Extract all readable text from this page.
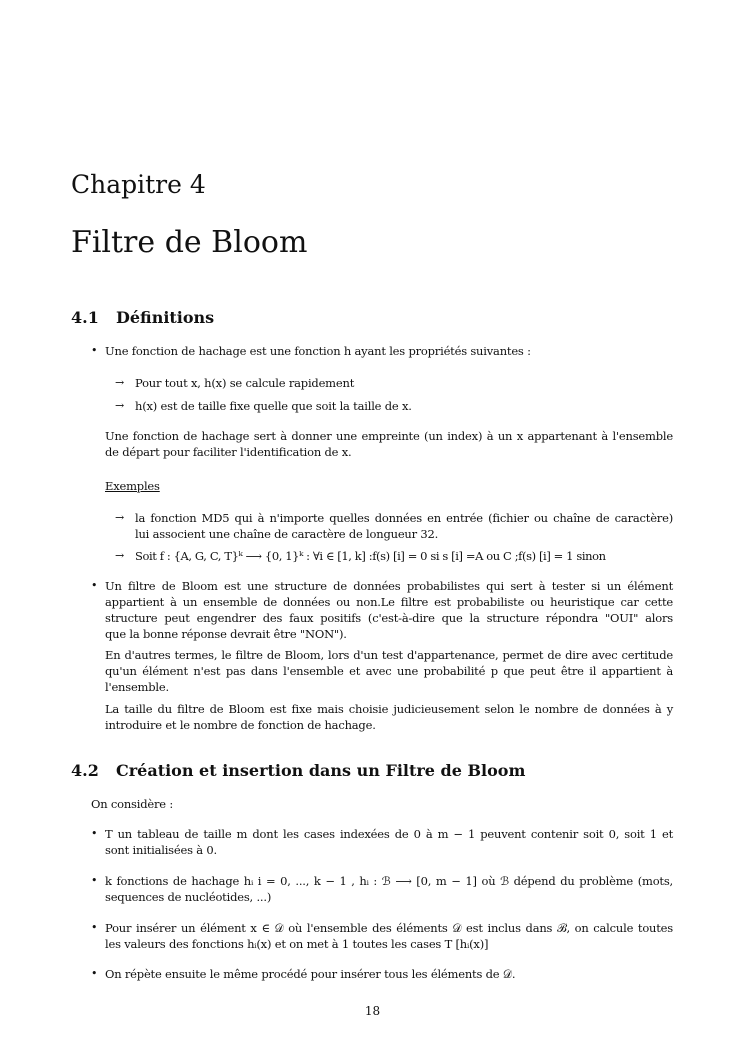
Chapitre 4
Filtre de Bloom
4.1 Définitions
• Une fonction de hachage est une fonction h ayant les propriétés suivantes :
→ Pour tout x, h(x) se calcule rapidement
→ h(x) est de taille fixe quelle que soit la taille de x.
Une fonction de hachage sert à donner une empreinte (un index) à un x appartenant à l'ensemble
de départ pour faciliter l'identification de x.
Exemples
→ la fonction MD5 qui à n'importe quelles données en entrée (fichier ou chaîne de caractère)
lui associent une chaîne de caractère de longueur 32.
→ Soit f : {A, G, C, T}ᵏ ⟶ {0, 1}ᵏ : ∀i ∈ [1, k] :f(s) [i] = 0 si s [i] =A ou C ;f(s) [i] = 1 sinon
• Un filtre de Bloom est une structure de données probabilistes qui sert à tester si un élément
appartient à un ensemble de données ou non.Le filtre est probabiliste ou heuristique car cette
structure peut engendrer des faux positifs (c'est-à-dire que la structure répondra "OUI" alors
que la bonne réponse devrait être "NON").
En d'autres termes, le filtre de Bloom, lors d'un test d'appartenance, permet de dire avec certitude
qu'un élément n'est pas dans l'ensemble et avec une probabilité p que peut être il appartient à
l'ensemble.
La taille du filtre de Bloom est fixe mais choisie judicieusement selon le nombre de données à y
introduire et le nombre de fonction de hachage.
4.2 Création et insertion dans un Filtre de Bloom
On considère :
• T un tableau de taille m dont les cases indexées de 0 à m − 1 peuvent contenir soit 0, soit 1 et
sont initialisées à 0.
• k fonctions de hachage hᵢ i = 0, ..., k − 1 , hᵢ : ℬ ⟶ [0, m − 1] où ℬ dépend du problème (mots,
sequences de nucléotides, ...)
• Pour insérer un élément x ∈ 𝒟 où l'ensemble des éléments 𝒟 est inclus dans ℬ, on calcule toutes
les valeurs des fonctions hᵢ(x) et on met à 1 toutes les cases T [hᵢ(x)]
• On répète ensuite le même procédé pour insérer tous les éléments de 𝒟.
18
